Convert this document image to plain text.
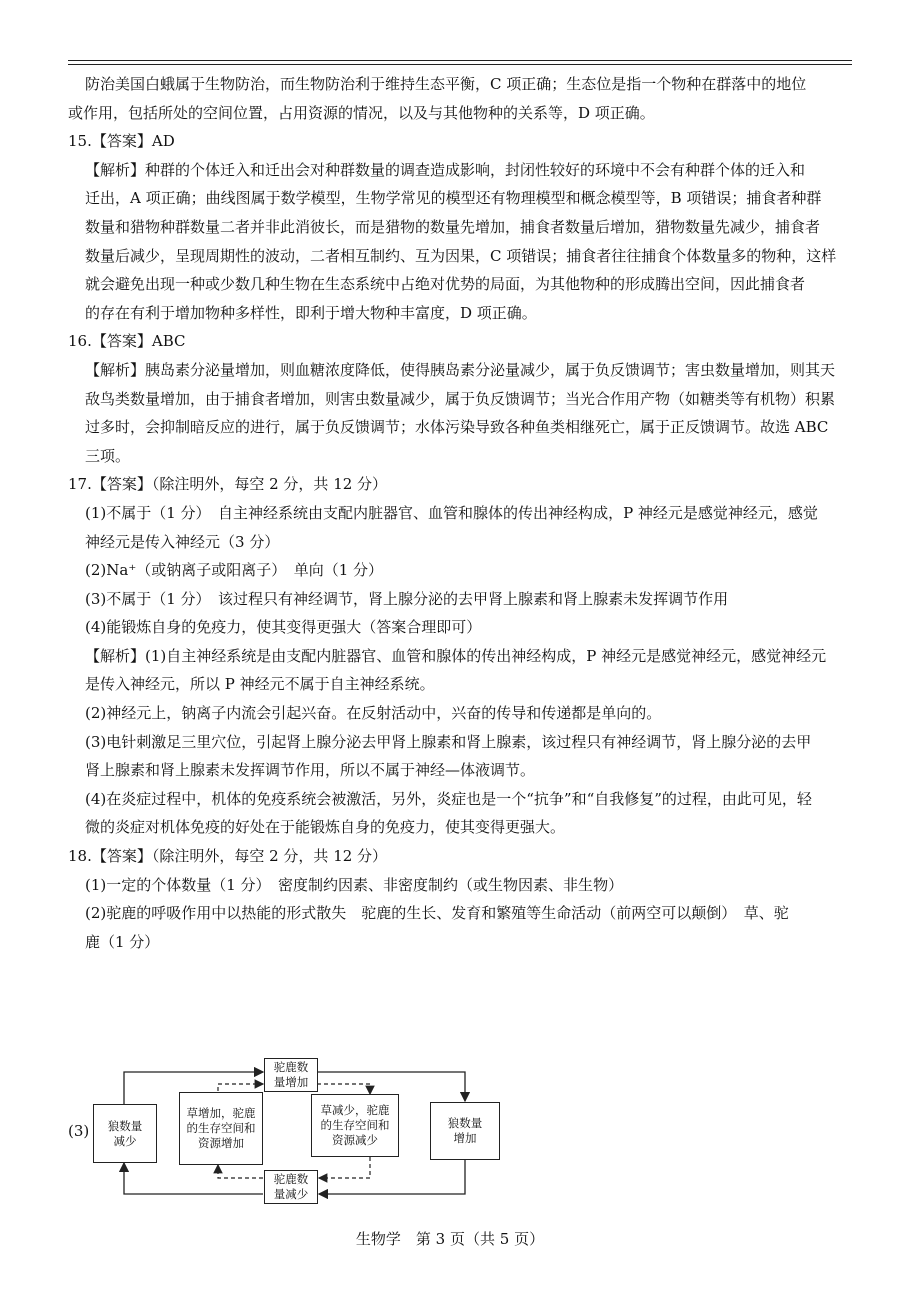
防治美国白蛾属于生物防治，而生物防治利于维持生态平衡，C 项正确；生态位是指一个物种在群落中的地位

或作用，包括所处的空间位置，占用资源的情况，以及与其他物种的关系等，D 项正确。

15.【答案】AD

【解析】种群的个体迁入和迁出会对种群数量的调查造成影响，封闭性较好的环境中不会有种群个体的迁入和

迁出，A 项正确；曲线图属于数学模型，生物学常见的模型还有物理模型和概念模型等，B 项错误；捕食者种群

数量和猎物种群数量二者并非此消彼长，而是猎物的数量先增加，捕食者数量后增加，猎物数量先减少，捕食者

数量后减少，呈现周期性的波动，二者相互制约、互为因果，C 项错误；捕食者往往捕食个体数量多的物种，这样

就会避免出现一种或少数几种生物在生态系统中占绝对优势的局面，为其他物种的形成腾出空间，因此捕食者

的存在有利于增加物种多样性，即利于增大物种丰富度，D 项正确。

16.【答案】ABC

【解析】胰岛素分泌量增加，则血糖浓度降低，使得胰岛素分泌量减少，属于负反馈调节；害虫数量增加，则其天

敌鸟类数量增加，由于捕食者增加，则害虫数量减少，属于负反馈调节；当光合作用产物（如糖类等有机物）积累

过多时，会抑制暗反应的进行，属于负反馈调节；水体污染导致各种鱼类相继死亡，属于正反馈调节。故选 ABC

三项。

17.【答案】（除注明外，每空 2 分，共 12 分）

(1)不属于（1 分）　自主神经系统由支配内脏器官、血管和腺体的传出神经构成，P 神经元是感觉神经元，感觉

神经元是传入神经元（3 分）

(2)Na⁺（或钠离子或阳离子）　单向（1 分）

(3)不属于（1 分）　该过程只有神经调节，肾上腺分泌的去甲肾上腺素和肾上腺素未发挥调节作用

(4)能锻炼自身的免疫力，使其变得更强大（答案合理即可）

【解析】(1)自主神经系统是由支配内脏器官、血管和腺体的传出神经构成，P 神经元是感觉神经元，感觉神经元

是传入神经元，所以 P 神经元不属于自主神经系统。

(2)神经元上，钠离子内流会引起兴奋。在反射活动中，兴奋的传导和传递都是单向的。

(3)电针刺激足三里穴位，引起肾上腺分泌去甲肾上腺素和肾上腺素，该过程只有神经调节，肾上腺分泌的去甲

肾上腺素和肾上腺素未发挥调节作用，所以不属于神经—体液调节。

(4)在炎症过程中，机体的免疫系统会被激活，另外，炎症也是一个“抗争”和“自我修复”的过程，由此可见，轻

微的炎症对机体免疫的好处在于能锻炼自身的免疫力，使其变得更强大。

18.【答案】（除注明外，每空 2 分，共 12 分）

(1)一定的个体数量（1 分）　密度制约因素、非密度制约（或生物因素、非生物）

(2)驼鹿的呼吸作用中以热能的形式散失　驼鹿的生长、发育和繁殖等生命活动（前两空可以颠倒）　草、驼

鹿（1 分）

(3)	狼数量
减少
驼鹿数
量增加
草增加，驼鹿
的生存空间和
资源增加
草减少，驼鹿
的生存空间和
资源减少
狼数量
增加
驼鹿数
量减少
生物学　第 3 页（共 5 页）
